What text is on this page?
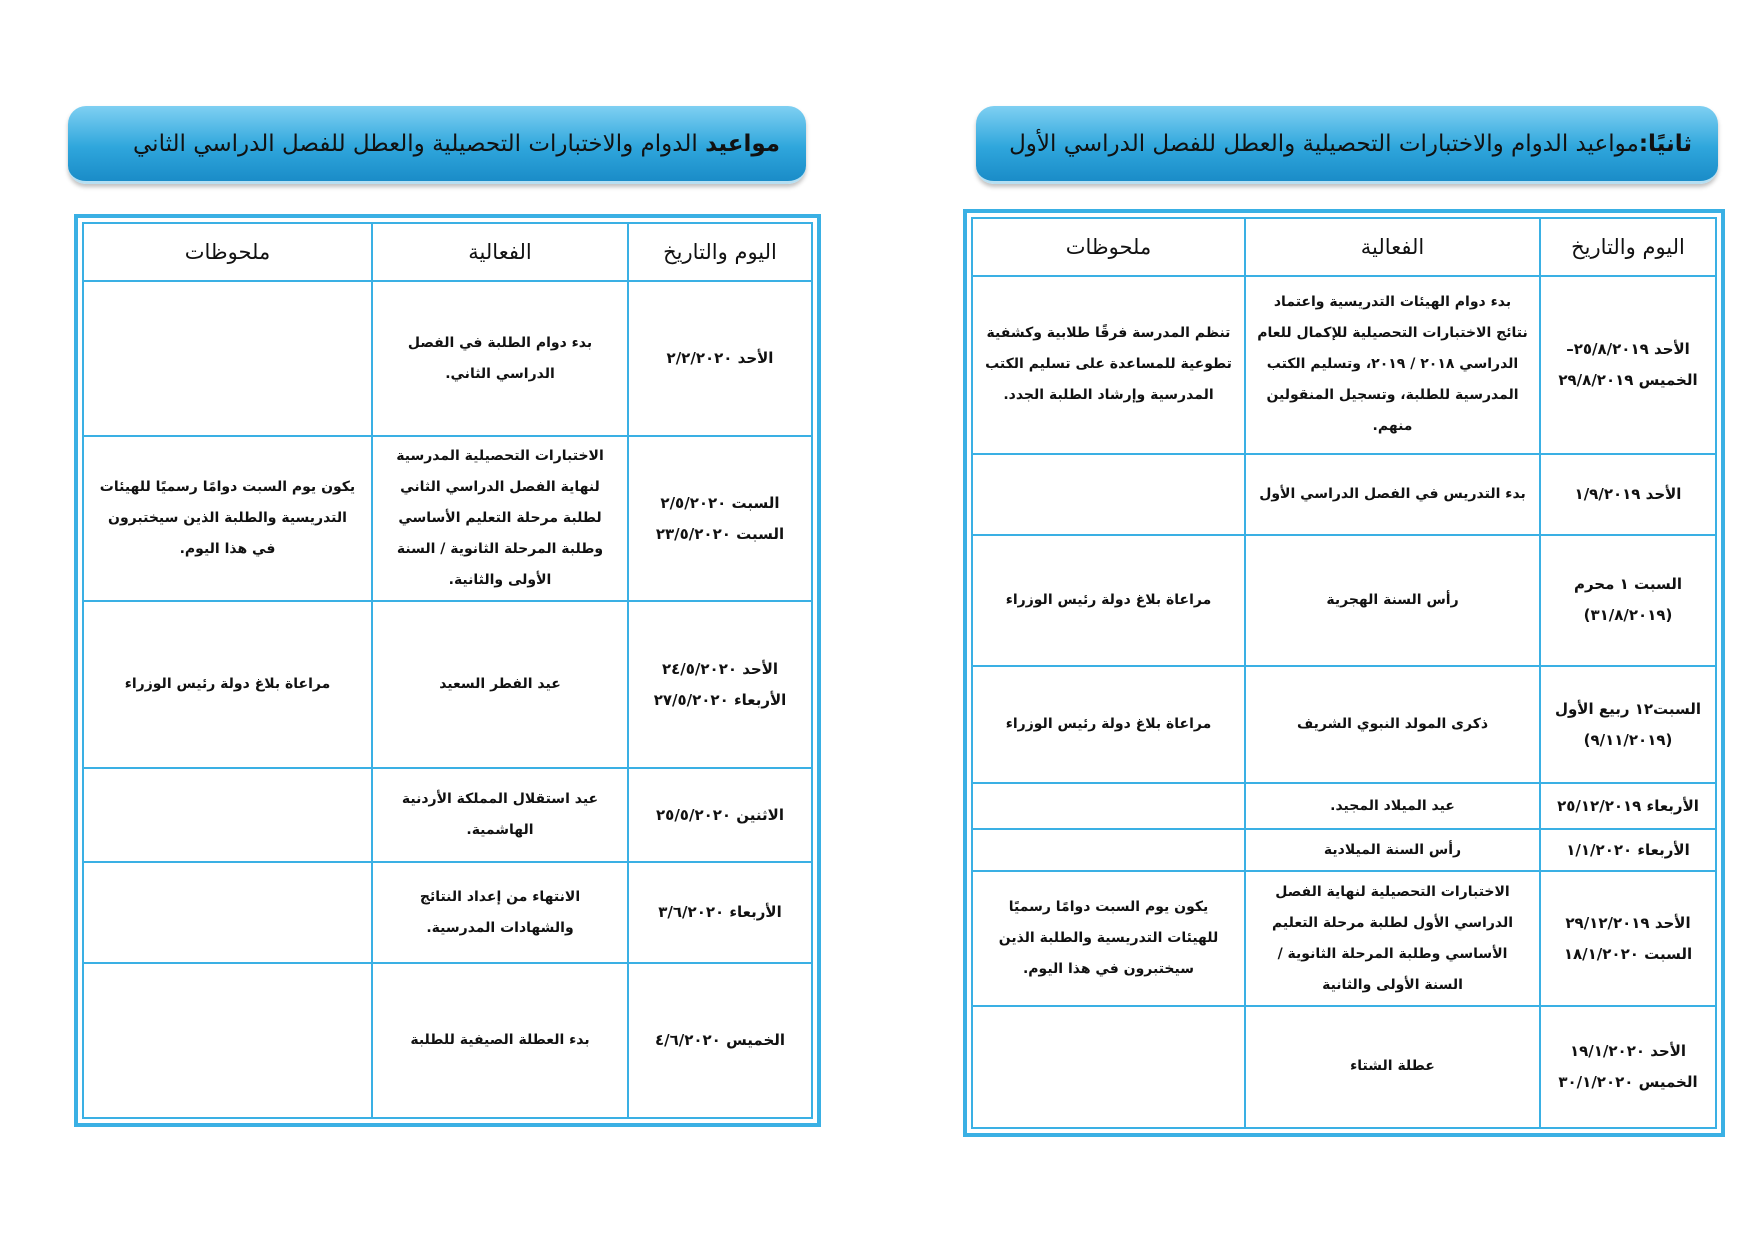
ثانيًا:مواعيد الدوام والاختبارات التحصيلية والعطل للفصل الدراسي الأول
مواعيد الدوام والاختبارات التحصيلية والعطل للفصل الدراسي الثاني
اليوم والتاريخ	الفعالية	ملحوظات
الأحد ٢٥/٨/٢٠١٩– الخميس ٢٩/٨/٢٠١٩	بدء دوام الهيئات التدريسية واعتماد نتائج الاختبارات التحصيلية للإكمال للعام الدراسي ٢٠١٨ / ٢٠١٩، وتسليم الكتب المدرسية للطلبة، وتسجيل المنقولين منهم.	تنظم المدرسة فرقًا طلابية وكشفية تطوعية للمساعدة على تسليم الكتب المدرسية وإرشاد الطلبة الجدد.
الأحد ١/٩/٢٠١٩	بدء التدريس في الفصل الدراسي الأول	
السبت ١ محرم (٣١/٨/٢٠١٩)	رأس السنة الهجرية	مراعاة بلاغ دولة رئيس الوزراء
السبت١٢ ربيع الأول (٩/١١/٢٠١٩)	ذكرى المولد النبوي الشريف	مراعاة بلاغ دولة رئيس الوزراء
الأربعاء ٢٥/١٢/٢٠١٩	عيد الميلاد المجيد.	
الأربعاء ١/١/٢٠٢٠	رأس السنة الميلادية	
الأحد ٢٩/١٢/٢٠١٩ السبت ١٨/١/٢٠٢٠	الاختبارات التحصيلية لنهاية الفصل الدراسي الأول لطلبة مرحلة التعليم الأساسي وطلبة المرحلة الثانوية / السنة الأولى والثانية	يكون يوم السبت دوامًا رسميًا للهيئات التدريسية والطلبة الذين سيختبرون في هذا اليوم.
الأحد ١٩/١/٢٠٢٠ الخميس ٣٠/١/٢٠٢٠	عطلة الشتاء	
اليوم والتاريخ	الفعالية	ملحوظات
الأحد ٢/٢/٢٠٢٠	بدء دوام الطلبة في الفصل الدراسي الثاني.	
السبت ٢/٥/٢٠٢٠ السبت ٢٣/٥/٢٠٢٠	الاختبارات التحصيلية المدرسية لنهاية الفصل الدراسي الثاني لطلبة مرحلة التعليم الأساسي وطلبة المرحلة الثانوية / السنة الأولى والثانية.	يكون يوم السبت دوامًا رسميًا للهيئات التدريسية والطلبة الذين سيختبرون في هذا اليوم.
الأحد ٢٤/٥/٢٠٢٠ الأربعاء ٢٧/٥/٢٠٢٠	عيد الفطر السعيد	مراعاة بلاغ دولة رئيس الوزراء
الاثنين ٢٥/٥/٢٠٢٠	عيد استقلال المملكة الأردنية الهاشمية.	
الأربعاء ٣/٦/٢٠٢٠	الانتهاء من إعداد النتائج والشهادات المدرسية.	
الخميس ٤/٦/٢٠٢٠	بدء العطلة الصيفية للطلبة	
